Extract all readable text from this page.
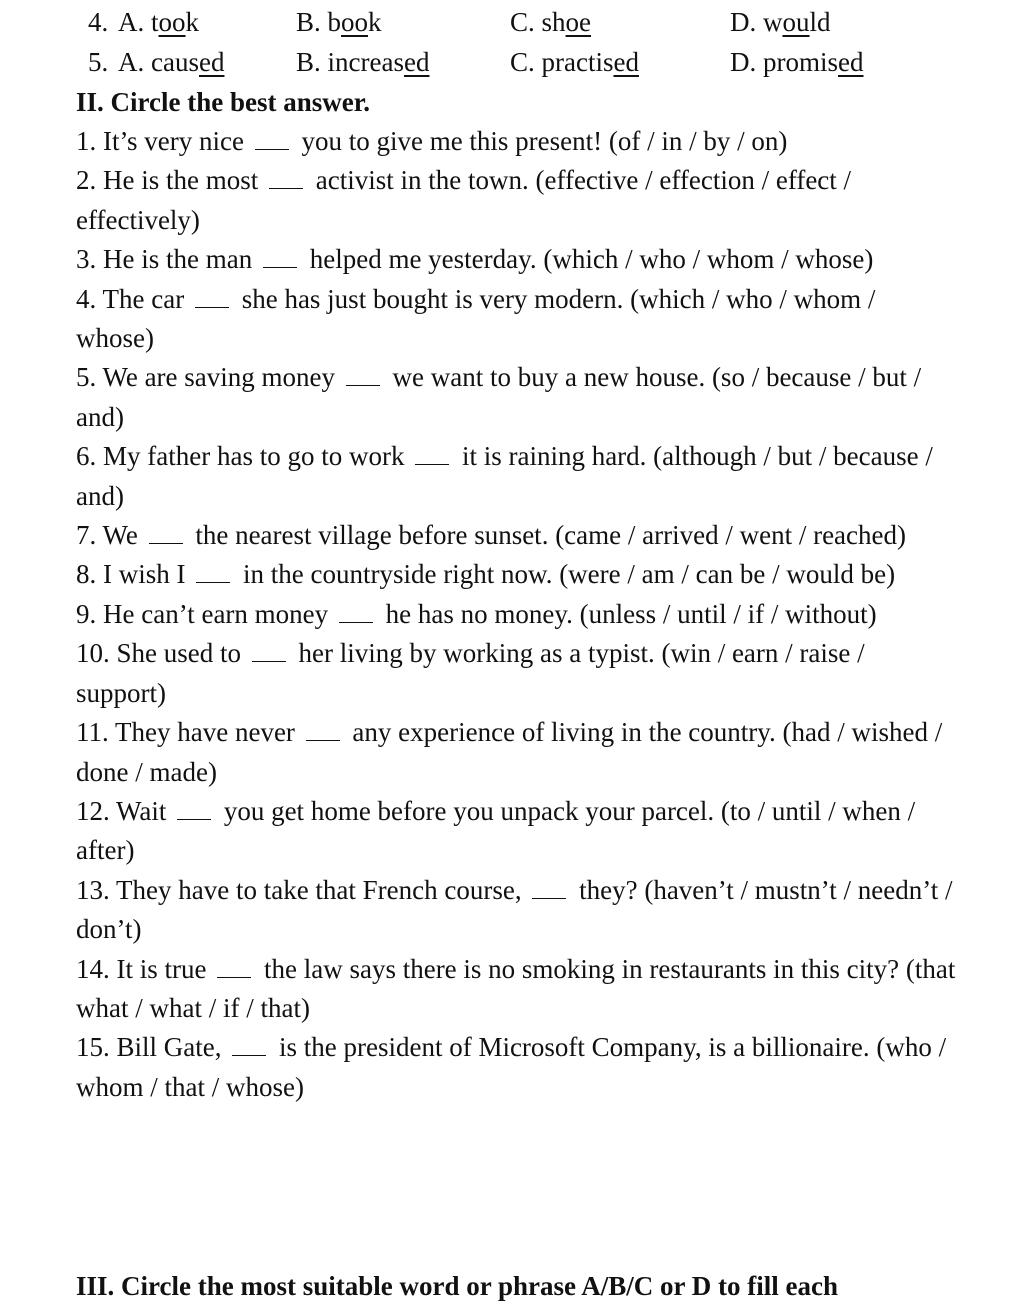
4. A. took	B. book	C. shoe	D. would
5. A. caused	B. increased	C. practised	D. promised
II. Circle the best answer.

1. It’s very nice you to give me this present! (of / in / by / on)

2. He is the most activist in the town. (effective / effection / effect / effectively)

3. He is the man helped me yesterday. (which / who / whom / whose)

4. The car she has just bought is very modern. (which / who / whom / whose)

5. We are saving money we want to buy a new house. (so / because / but / and)

6. My father has to go to work it is raining hard. (although / but / because / and)

7. We the nearest village before sunset. (came / arrived / went / reached)

8. I wish I in the countryside right now. (were / am / can be / would be)

9. He can’t earn money he has no money. (unless / until / if / without)

10. She used to her living by working as a typist. (win / earn / raise / support)

11. They have never any experience of living in the country. (had / wished / done / made)

12. Wait you get home before you unpack your parcel. (to / until / when / after)

13. They have to take that French course, they? (haven’t / mustn’t / needn’t / don’t)

14. It is true the law says there is no smoking in restaurants in this city? (that what / what / if / that)

15. Bill Gate, is the president of Microsoft Company, is a billionaire. (who / whom / that / whose)

III. Circle the most suitable word or phrase A/B/C or D to fill each
